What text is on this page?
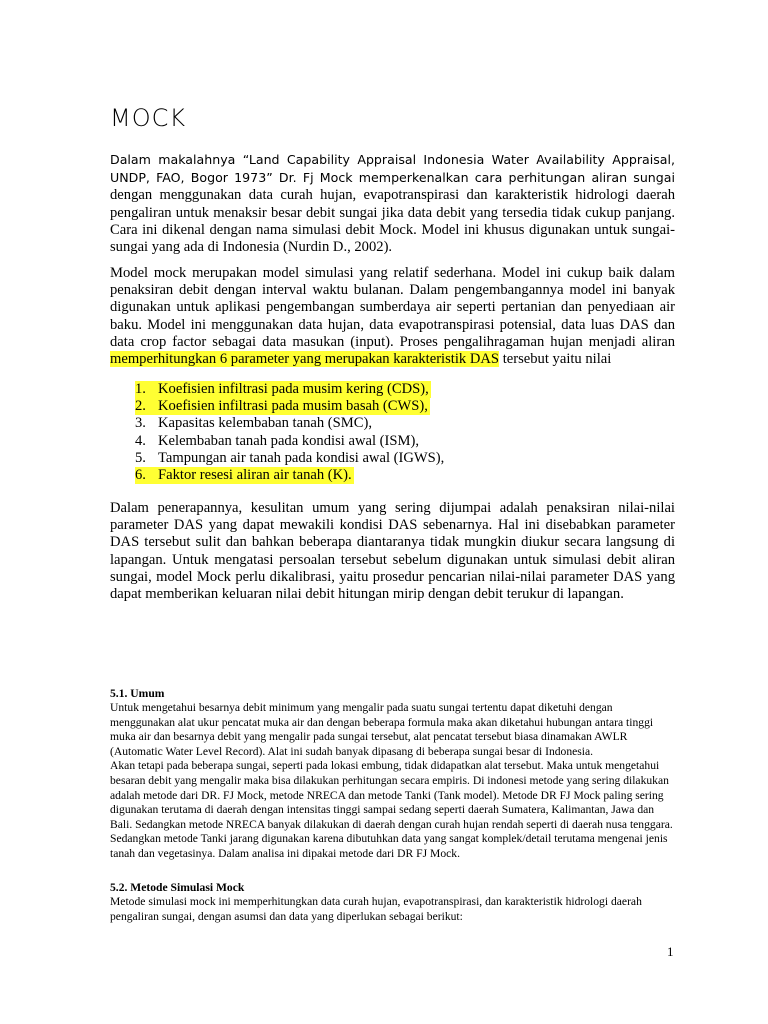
MOCK

Dalam makalahnya “Land Capability Appraisal Indonesia Water Availability Appraisal, UNDP, FAO, Bogor 1973” Dr. Fj Mock memperkenalkan cara perhitungan aliran sungai dengan menggunakan data curah hujan, evapotranspirasi dan karakteristik hidrologi daerah pengaliran untuk menaksir besar debit sungai jika data debit yang tersedia tidak cukup panjang. Cara ini dikenal dengan nama simulasi debit Mock. Model ini khusus digunakan untuk sungai-sungai yang ada di Indonesia (Nurdin D., 2002).

Model mock merupakan model simulasi yang relatif sederhana. Model ini cukup baik dalam penaksiran debit dengan interval waktu bulanan. Dalam pengembangannya model ini banyak digunakan untuk aplikasi pengembangan sumberdaya air seperti pertanian dan penyediaan air baku. Model ini menggunakan data hujan, data evapotranspirasi potensial, data luas DAS dan data crop factor sebagai data masukan (input). Proses pengalihragaman hujan menjadi aliran memperhitungkan 6 parameter yang merupakan karakteristik DAS tersebut yaitu nilai

1. Koefisien infiltrasi pada musim kering (CDS),
2. Koefisien infiltrasi pada musim basah (CWS),
3. Kapasitas kelembaban tanah (SMC),
4. Kelembaban tanah pada kondisi awal (ISM),
5. Tampungan air tanah pada kondisi awal (IGWS),
6. Faktor resesi aliran air tanah (K).

Dalam penerapannya, kesulitan umum yang sering dijumpai adalah penaksiran nilai-nilai parameter DAS yang dapat mewakili kondisi DAS sebenarnya. Hal ini disebabkan parameter DAS tersebut sulit dan bahkan beberapa diantaranya tidak mungkin diukur secara langsung di lapangan. Untuk mengatasi persoalan tersebut sebelum digunakan untuk simulasi debit aliran sungai, model Mock perlu dikalibrasi, yaitu prosedur pencarian nilai-nilai parameter DAS yang dapat memberikan keluaran nilai debit hitungan mirip dengan debit terukur di lapangan.

5.1. Umum

Untuk mengetahui besarnya debit minimum yang mengalir pada suatu sungai tertentu dapat diketuhi dengan menggunakan alat ukur pencatat muka air dan dengan beberapa formula maka akan diketahui hubungan antara tinggi muka air dan besarnya debit yang mengalir pada sungai tersebut, alat pencatat tersebut biasa dinamakan AWLR (Automatic Water Level Record). Alat ini sudah banyak dipasang di beberapa sungai besar di Indonesia.

Akan tetapi pada beberapa sungai, seperti pada lokasi embung, tidak didapatkan alat tersebut. Maka untuk mengetahui besaran debit yang mengalir maka bisa dilakukan perhitungan secara empiris. Di indonesi metode yang sering dilakukan adalah metode dari DR. FJ Mock, metode NRECA dan metode Tanki (Tank model). Metode DR FJ Mock paling sering digunakan terutama di daerah dengan intensitas tinggi sampai sedang seperti daerah Sumatera, Kalimantan, Jawa dan Bali. Sedangkan metode NRECA banyak dilakukan di daerah dengan curah hujan rendah seperti di daerah nusa tenggara. Sedangkan metode Tanki jarang digunakan karena dibutuhkan data yang sangat komplek/detail terutama mengenai jenis tanah dan vegetasinya. Dalam analisa ini dipakai metode dari DR FJ Mock.

5.2. Metode Simulasi Mock

Metode simulasi mock ini memperhitungkan data curah hujan, evapotranspirasi, dan karakteristik hidrologi daerah pengaliran sungai, dengan asumsi dan data yang diperlukan sebagai berikut:

1
